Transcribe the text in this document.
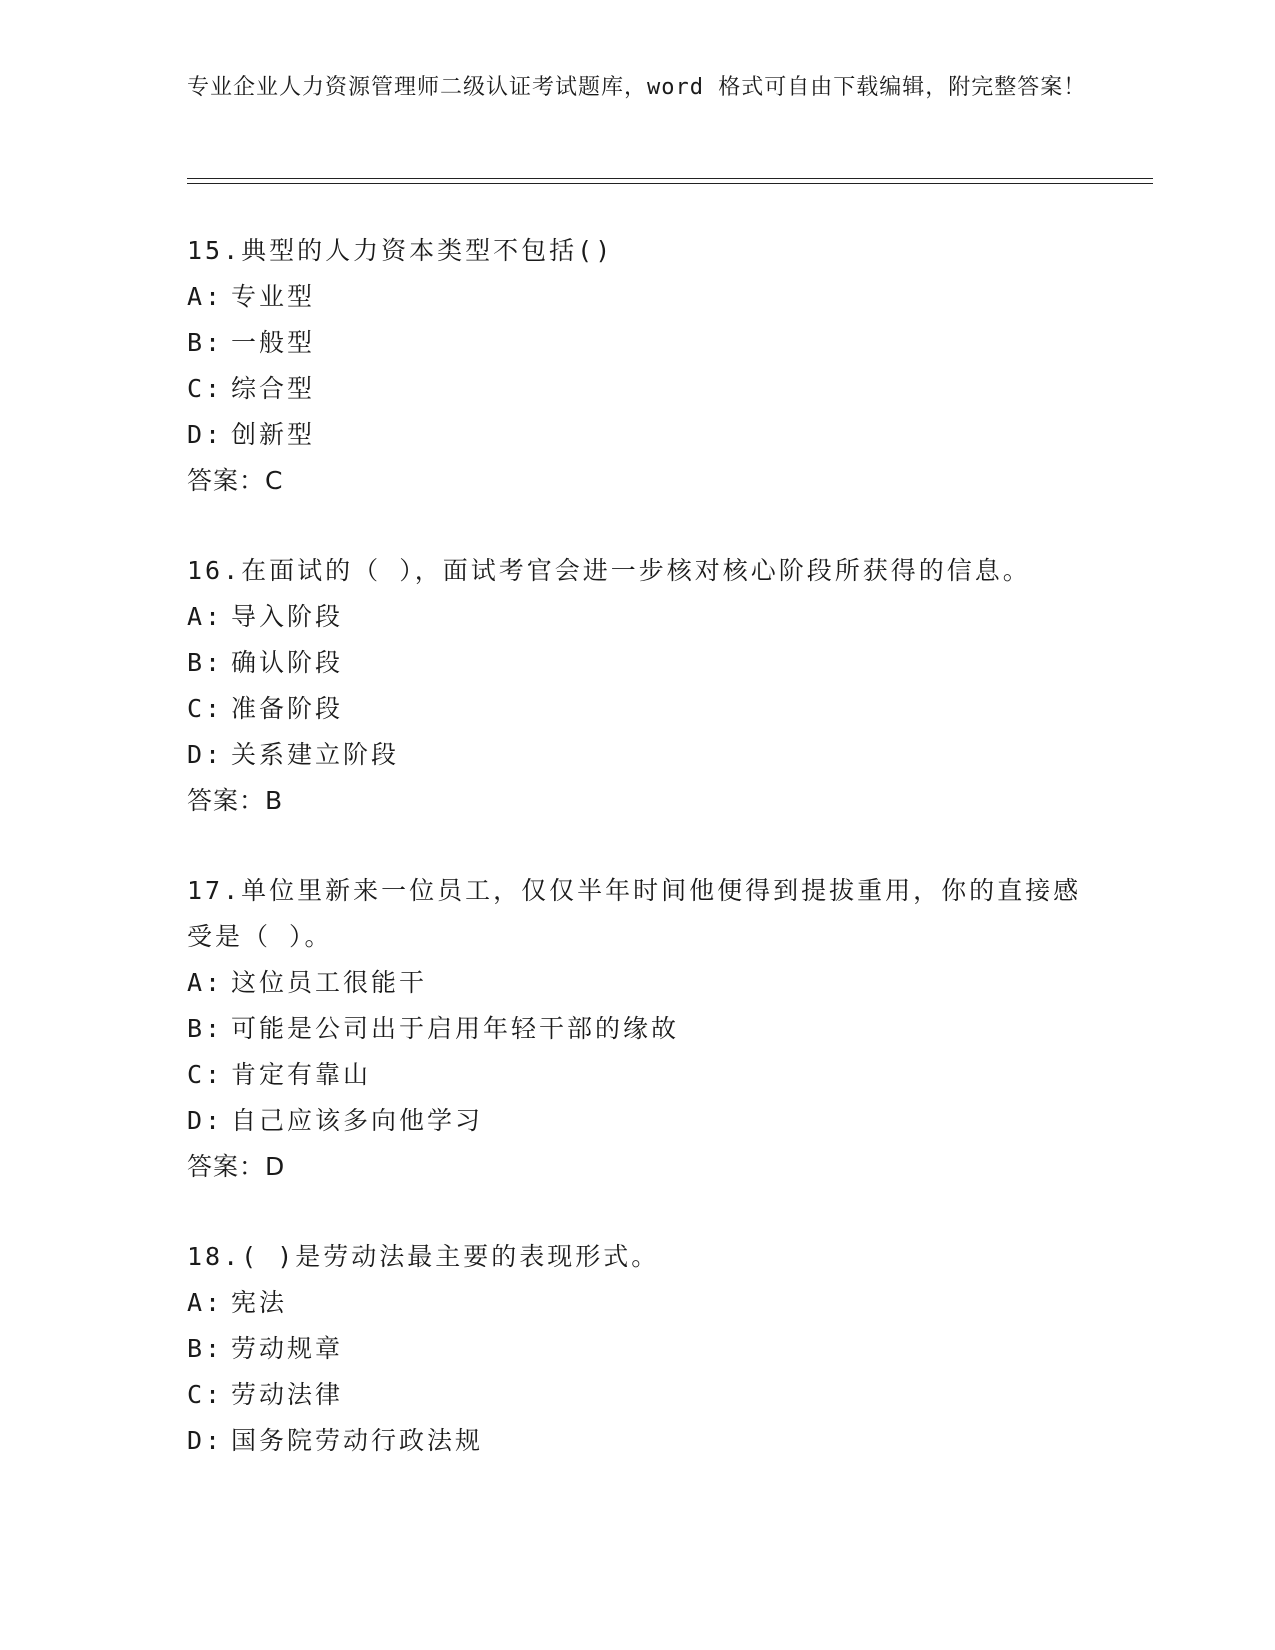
专业企业人力资源管理师二级认证考试题库，word 格式可自由下载编辑，附完整答案！

15.典型的人力资本类型不包括()

A: 专业型

B: 一般型

C: 综合型

D: 创新型

答案：C

16.在面试的（ ），面试考官会进一步核对核心阶段所获得的信息。

A: 导入阶段

B: 确认阶段

C: 准备阶段

D: 关系建立阶段

答案：B

17.单位里新来一位员工，仅仅半年时间他便得到提拔重用，你的直接感受是（ ）。

A: 这位员工很能干

B: 可能是公司出于启用年轻干部的缘故

C: 肯定有靠山

D: 自己应该多向他学习

答案：D

18.( )是劳动法最主要的表现形式。

A: 宪法

B: 劳动规章

C: 劳动法律

D: 国务院劳动行政法规
